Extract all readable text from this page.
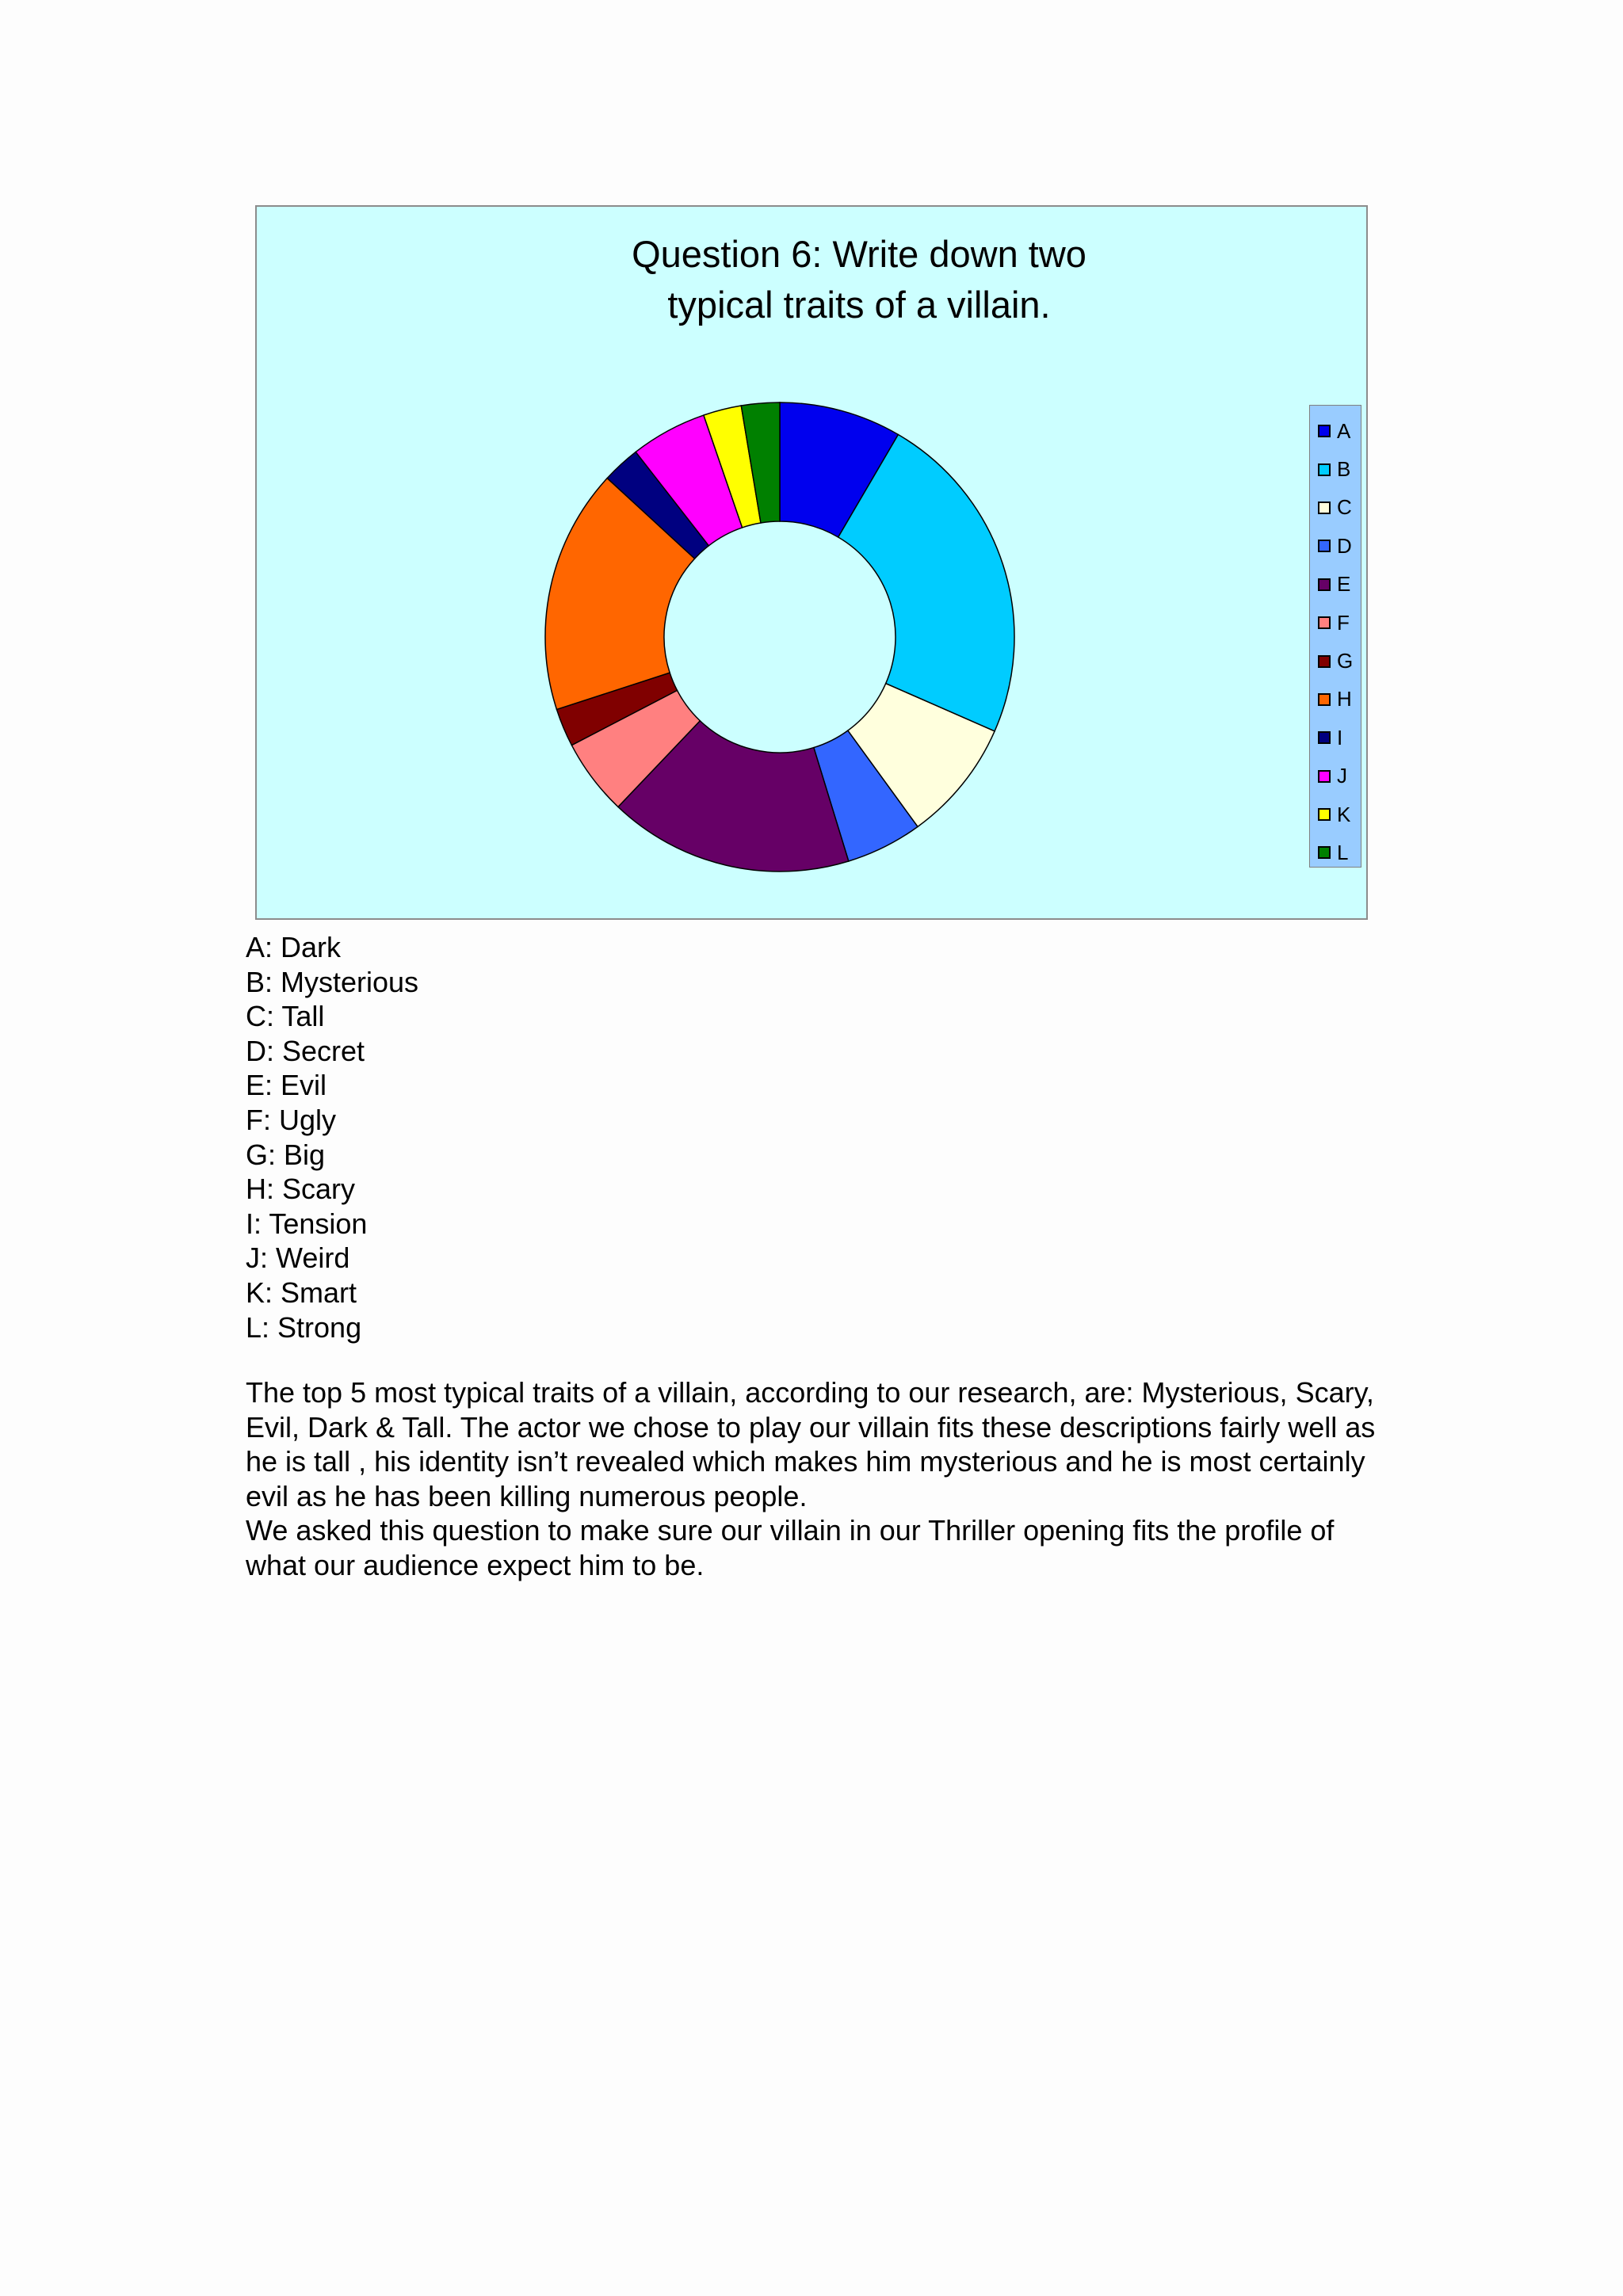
Question 6: Write down two typical traits of a villain.
A
B
C
D
E
F
G
H
I
J
K
L
A: Dark
B: Mysterious
C: Tall
D: Secret
E: Evil
F: Ugly
G: Big
H: Scary
I: Tension
J: Weird
K: Smart
L: Strong

The top 5 most typical traits of a villain, according to our research, are: Mysterious, Scary, Evil, Dark & Tall. The actor we chose to play our villain fits these descriptions fairly well as he is tall , his identity isn’t revealed which makes him mysterious and he is most certainly evil as he has been killing numerous people.

We asked this question to make sure our villain in our Thriller opening fits the profile of what our audience expect him to be.
